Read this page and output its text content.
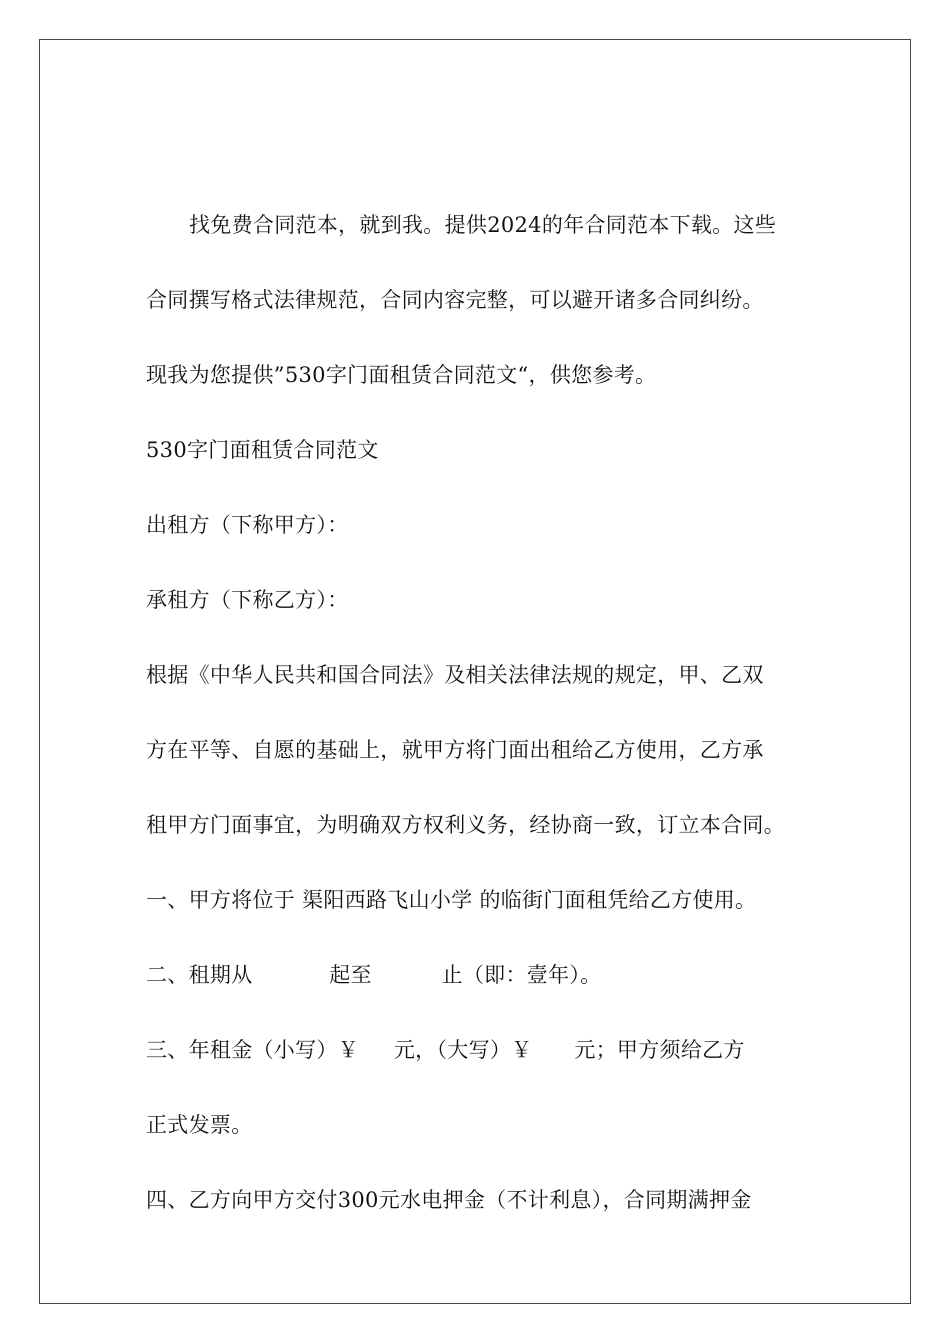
找免费合同范本，就到我。提供2024的年合同范本下载。这些
合同撰写格式法律规范，合同内容完整，可以避开诸多合同纠纷。
现我为您提供”530字门面租赁合同范文“，供您参考。
530字门面租赁合同范文
出租方（下称甲方）：
承租方（下称乙方）：
根据《中华人民共和国合同法》及相关法律法规的规定，甲、乙双
方在平等、自愿的基础上，就甲方将门面出租给乙方使用，乙方承
租甲方门面事宜，为明确双方权利义务，经协商一致，订立本合同。
一、甲方将位于 渠阳西路飞山小学 的临街门面租凭给乙方使用。
二、租期从           起至          止（即：壹年）。
三、年租金（小写）￥     元，（大写）￥      元；甲方须给乙方
正式发票。
四、乙方向甲方交付300元水电押金（不计利息），合同期满押金
